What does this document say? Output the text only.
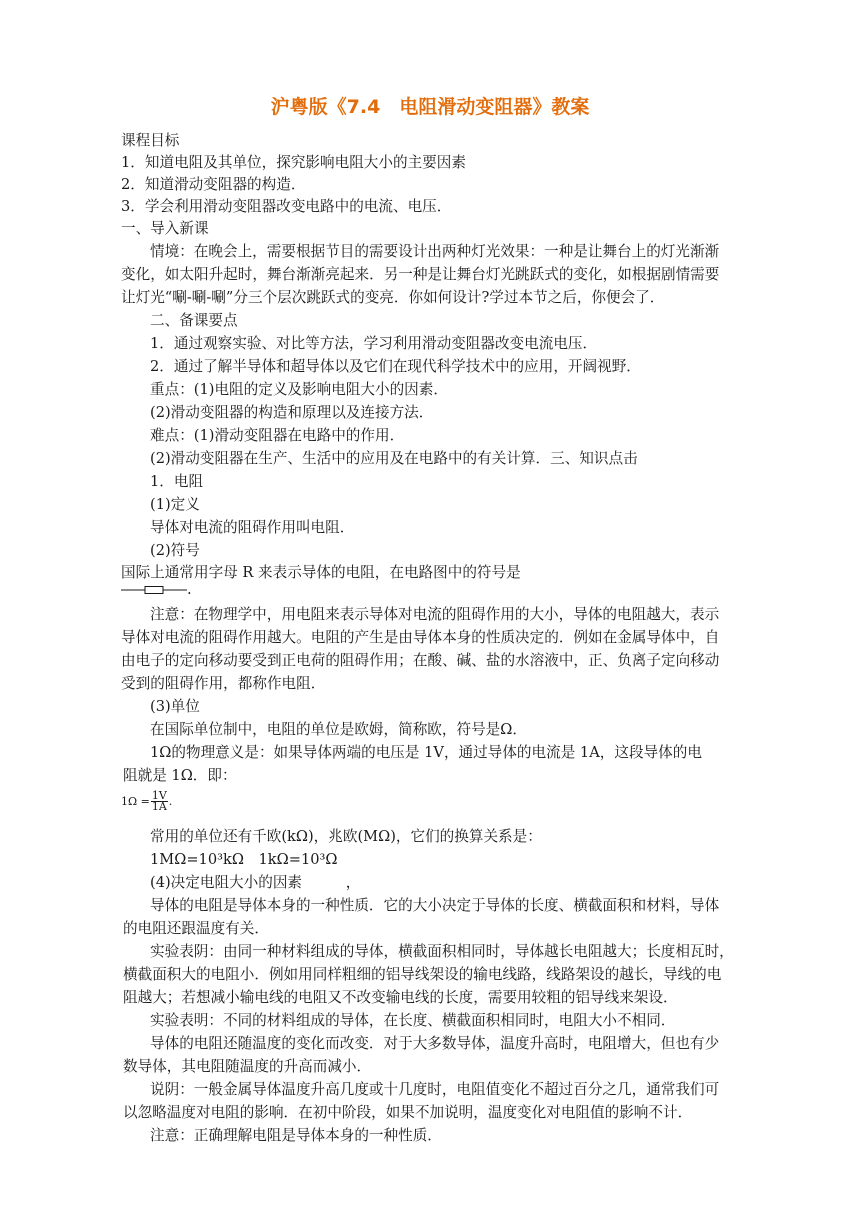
沪粤版《7.4　电阻滑动变阻器》教案
课程目标
1．知道电阻及其单位，探究影响电阻大小的主要因素
2．知道滑动变阻器的构造．
3．学会利用滑动变阻器改变电路中的电流、电压．
一、导入新课
情境：在晚会上，需要根据节目的需要设计出两种灯光效果：一种是让舞台上的灯光渐渐
变化，如太阳升起时，舞台渐渐亮起来．另一种是让舞台灯光跳跃式的变化，如根据剧情需要
让灯光“唰-唰-唰”分三个层次跳跃式的变亮．你如何设计?学过本节之后，你便会了．
二、备课要点
1．通过观察实验、对比等方法，学习利用滑动变阻器改变电流电压．
2．通过了解半导体和超导体以及它们在现代科学技术中的应用，开阔视野．
重点：(1)电阻的定义及影响电阻大小的因素．
(2)滑动变阻器的构造和原理以及连接方法．
难点：(1)滑动变阻器在电路中的作用．
(2)滑动变阻器在生产、生活中的应用及在电路中的有关计算．三、知识点击
1．电阻
(1)定义
导体对电流的阻碍作用叫电阻．
(2)符号
国际上通常用字母 R 来表示导体的电阻，在电路图中的符号是
.
注意：在物理学中，用电阻来表示导体对电流的阻碍作用的大小，导体的电阻越大，表示
导体对电流的阻碍作用越大。电阻的产生是由导体本身的性质决定的．例如在金属导体中，自
由电子的定向移动要受到正电荷的阻碍作用；在酸、碱、盐的水溶液中，正、负离子定向移动
受到的阻碍作用，都称作电阻．
(3)单位
在国际单位制中，电阻的单位是欧姆，简称欧，符号是Ω．
1Ω的物理意义是：如果导体两端的电压是 1V，通过导体的电流是 1A，这段导体的电
阻就是 1Ω．即：
$1\Omega = \frac{1V}{1A}$ .
常用的单位还有千欧(kΩ)，兆欧(MΩ)，它们的换算关系是：
1MΩ=10³kΩ　1kΩ=10³Ω
(4)决定电阻大小的因素　　　，
导体的电阻是导体本身的一种性质．它的大小决定于导体的长度、横截面积和材料，导体
的电阻还跟温度有关．
实验表阴：由同一种材料组成的导体，横截面积相同时，导体越长电阻越大；长度相瓦时，
横截面积大的电阻小．例如用同样粗细的铝导线架设的输电线路，线路架设的越长，导线的电
阻越大；若想减小输电线的电阻又不改变输电线的长度，需要用较粗的铝导线来架设．
实验表明：不同的材料组成的导体，在长度、横截面积相同时，电阻大小不相同．
导体的电阻还随温度的变化而改变．对于大多数导体，温度升高时，电阻增大，但也有少
数导体，其电阻随温度的升高而减小．
说阴：一般金属导体温度升高几度或十几度时，电阻值变化不超过百分之几，通常我们可
以忽略温度对电阻的影响．在初中阶段，如果不加说明，温度变化对电阻值的影响不计．
注意：正确理解电阻是导体本身的一种性质．
